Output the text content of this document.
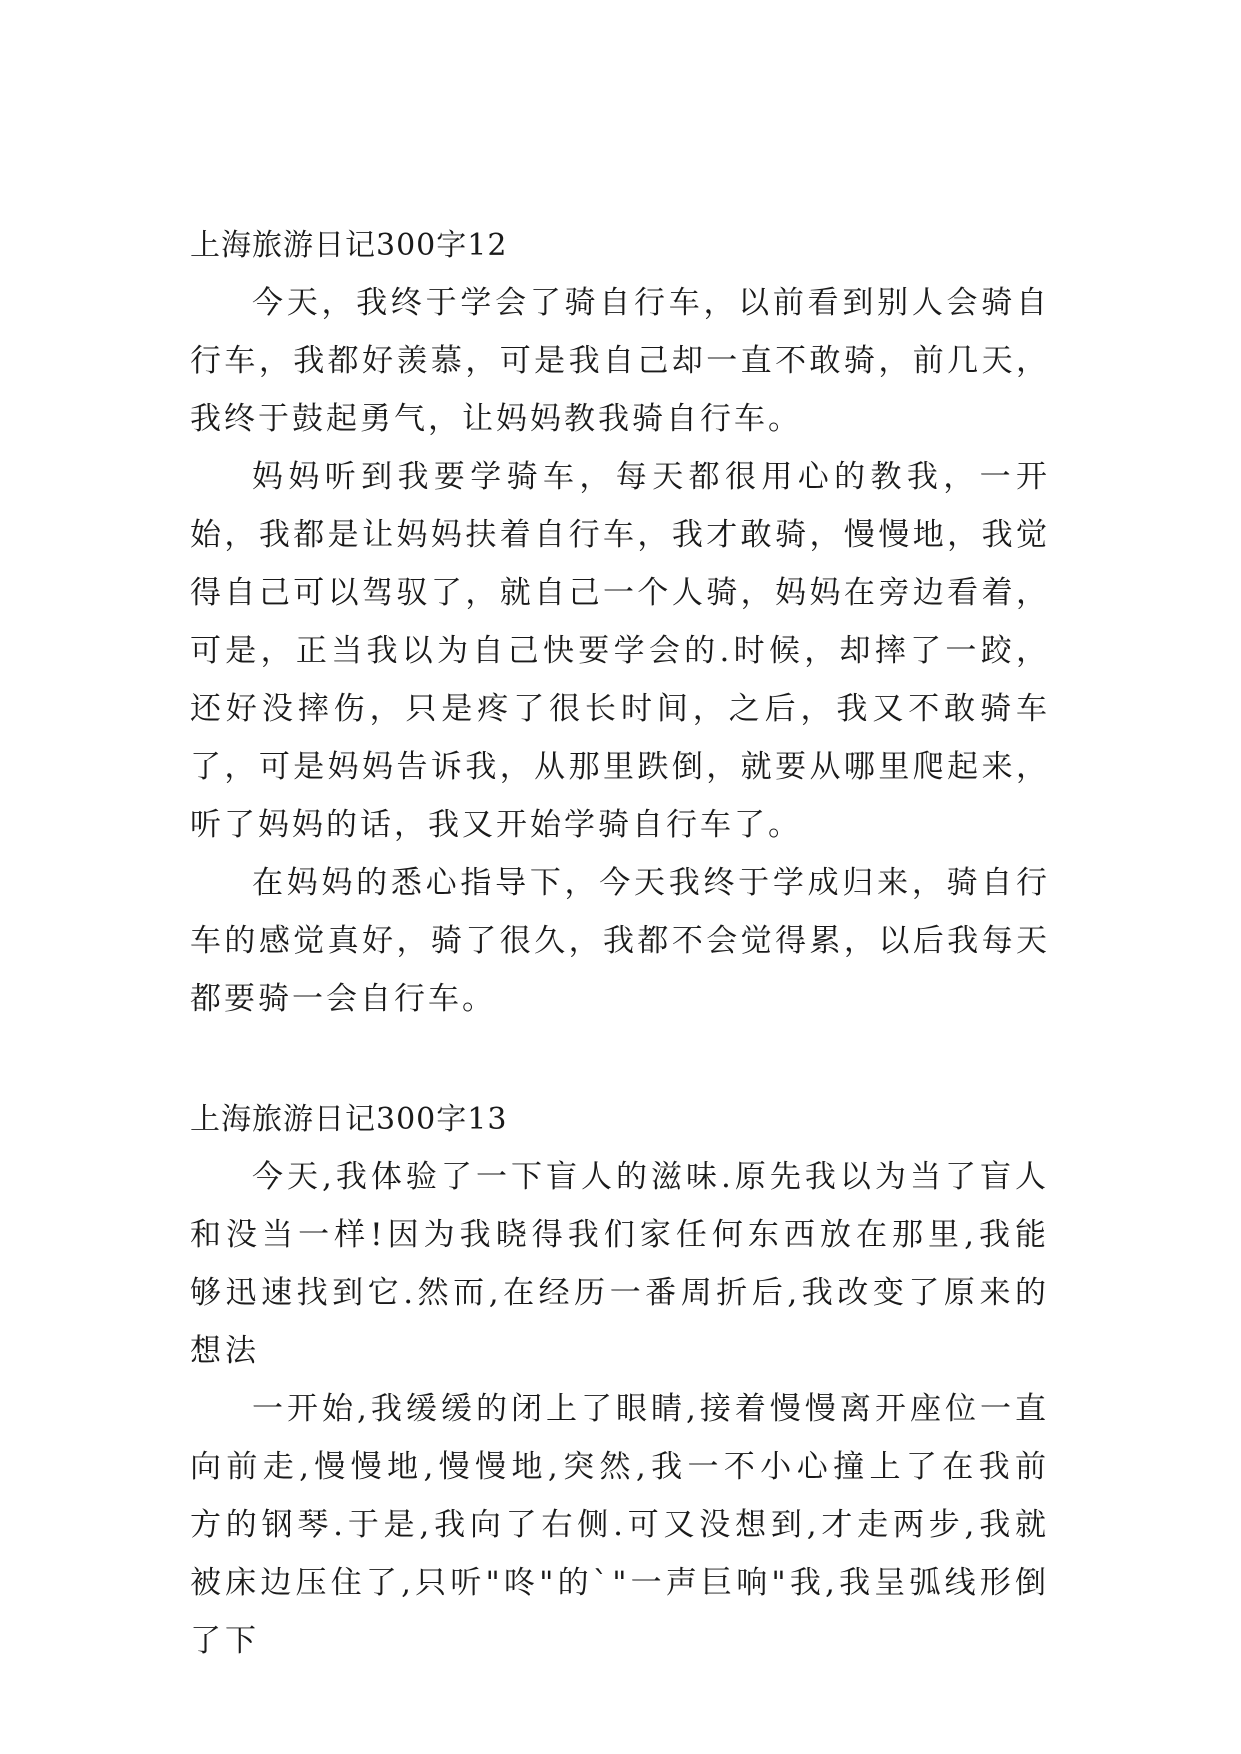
上海旅游日记300字12

今天，我终于学会了骑自行车，以前看到别人会骑自行车，我都好羡慕，可是我自己却一直不敢骑，前几天，我终于鼓起勇气，让妈妈教我骑自行车。

妈妈听到我要学骑车，每天都很用心的教我，一开始，我都是让妈妈扶着自行车，我才敢骑，慢慢地，我觉得自己可以驾驭了，就自己一个人骑，妈妈在旁边看着，可是，正当我以为自己快要学会的.时候，却摔了一跤，还好没摔伤，只是疼了很长时间，之后，我又不敢骑车了，可是妈妈告诉我，从那里跌倒，就要从哪里爬起来，听了妈妈的话，我又开始学骑自行车了。

在妈妈的悉心指导下，今天我终于学成归来，骑自行车的感觉真好，骑了很久，我都不会觉得累，以后我每天都要骑一会自行车。

上海旅游日记300字13

今天,我体验了一下盲人的滋味.原先我以为当了盲人和没当一样!因为我晓得我们家任何东西放在那里,我能够迅速找到它.然而,在经历一番周折后,我改变了原来的想法

一开始,我缓缓的闭上了眼睛,接着慢慢离开座位一直向前走,慢慢地,慢慢地,突然,我一不小心撞上了在我前方的钢琴.于是,我向了右侧.可又没想到,才走两步,我就被床边压住了,只听"咚"的`"一声巨响"我,我呈弧线形倒了下
